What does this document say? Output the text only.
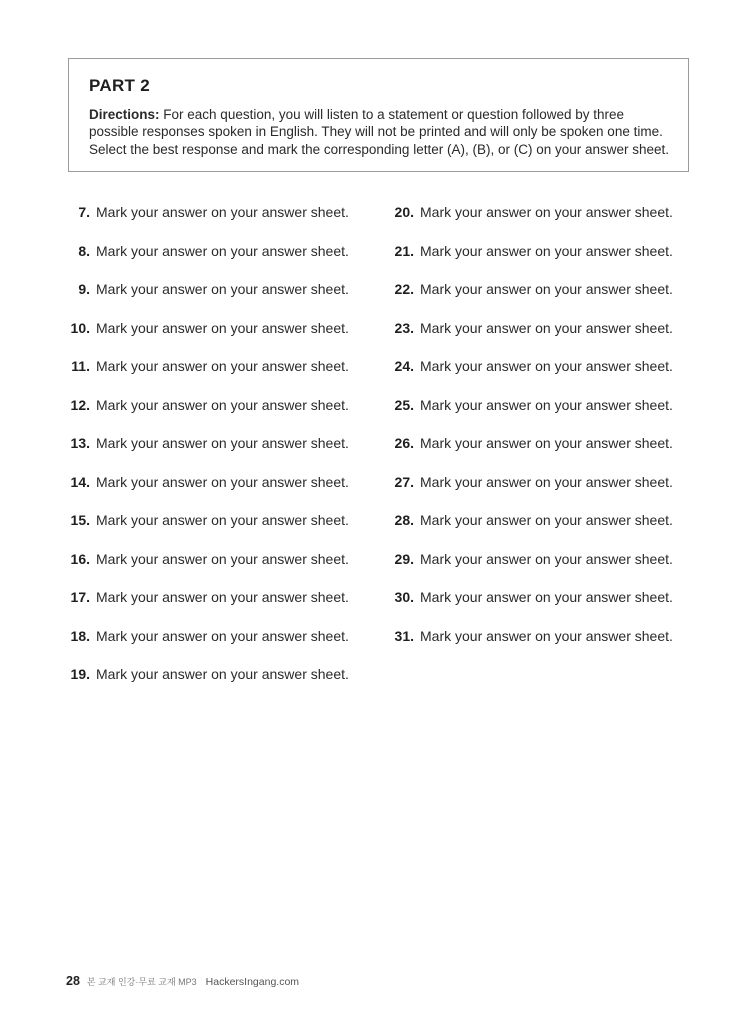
PART 2
Directions: For each question, you will listen to a statement or question followed by three
possible responses spoken in English. They will not be printed and will only be spoken one time.
Select the best response and mark the corresponding letter (A), (B), or (C) on your answer sheet.
7. Mark your answer on your answer sheet.
8. Mark your answer on your answer sheet.
9. Mark your answer on your answer sheet.
10. Mark your answer on your answer sheet.
11. Mark your answer on your answer sheet.
12. Mark your answer on your answer sheet.
13. Mark your answer on your answer sheet.
14. Mark your answer on your answer sheet.
15. Mark your answer on your answer sheet.
16. Mark your answer on your answer sheet.
17. Mark your answer on your answer sheet.
18. Mark your answer on your answer sheet.
19. Mark your answer on your answer sheet.
20. Mark your answer on your answer sheet.
21. Mark your answer on your answer sheet.
22. Mark your answer on your answer sheet.
23. Mark your answer on your answer sheet.
24. Mark your answer on your answer sheet.
25. Mark your answer on your answer sheet.
26. Mark your answer on your answer sheet.
27. Mark your answer on your answer sheet.
28. Mark your answer on your answer sheet.
29. Mark your answer on your answer sheet.
30. Mark your answer on your answer sheet.
31. Mark your answer on your answer sheet.
28 본 교재 인강·무료 교재 MP3 HackersIngang.com
